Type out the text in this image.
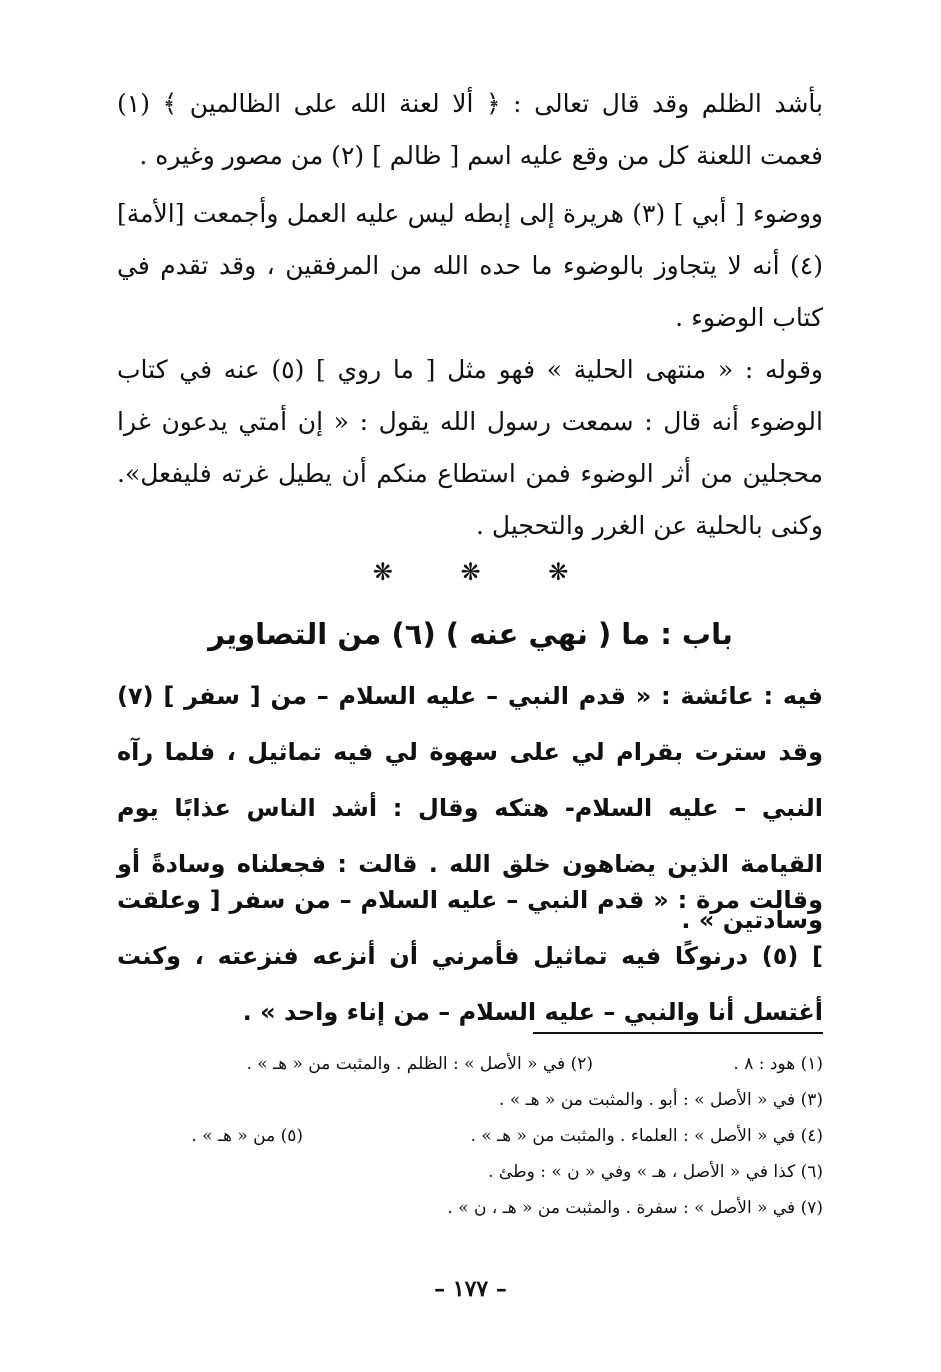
بأشد الظلم وقد قال تعالى : ﴿ ألا لعنة الله على الظالمين ﴾ (١) فعمت اللعنة كل من وقع عليه اسم [ ظالم ] (٢) من مصور وغيره .

ووضوء [ أبي ] (٣) هريرة إلى إبطه ليس عليه العمل وأجمعت [الأمة](٤) أنه لا يتجاوز بالوضوء ما حده الله من المرفقين ، وقد تقدم في كتاب الوضوء .

وقوله : « منتهى الحلية » فهو مثل [ ما روي ] (٥) عنه في كتاب الوضوء أنه قال : سمعت رسول الله يقول : « إن أمتي يدعون غرا محجلين من أثر الوضوء فمن استطاع منكم أن يطيل غرته فليفعل». وكنى بالحلية عن الغرر والتحجيل .

❋	❋	❋
باب : ما ( نهي عنه ) (٦) من التصاوير

فيه : عائشة : « قدم النبي – عليه السلام – من [ سفر ] (٧) وقد سترت بقرام لي على سهوة لي فيه تماثيل ، فلما رآه النبي – عليه السلام- هتكه وقال : أشد الناس عذابًا يوم القيامة الذين يضاهون خلق الله . قالت : فجعلناه وسادةً أو وسادتين » .

وقالت مرة : « قدم النبي – عليه السلام – من سفر [ وعلقت ] (٥) درنوكًا فيه تماثيل فأمرني أن أنزعه فنزعته ، وكنت أغتسل أنا والنبي – عليه السلام – من إناء واحد » .

(١) هود : ٨ .
(٢) في « الأصل » : الظلم . والمثبت من « هـ » .
(٣) في « الأصل » : أبو . والمثبت من « هـ » .
(٤) في « الأصل » : العلماء . والمثبت من « هـ » .
(٥) من « هـ » .
(٦) كذا في « الأصل ، هـ » وفي « ن » : وطئ .
(٧) في « الأصل » : سفرة . والمثبت من « هـ ، ن » .
– ١٧٧ –
